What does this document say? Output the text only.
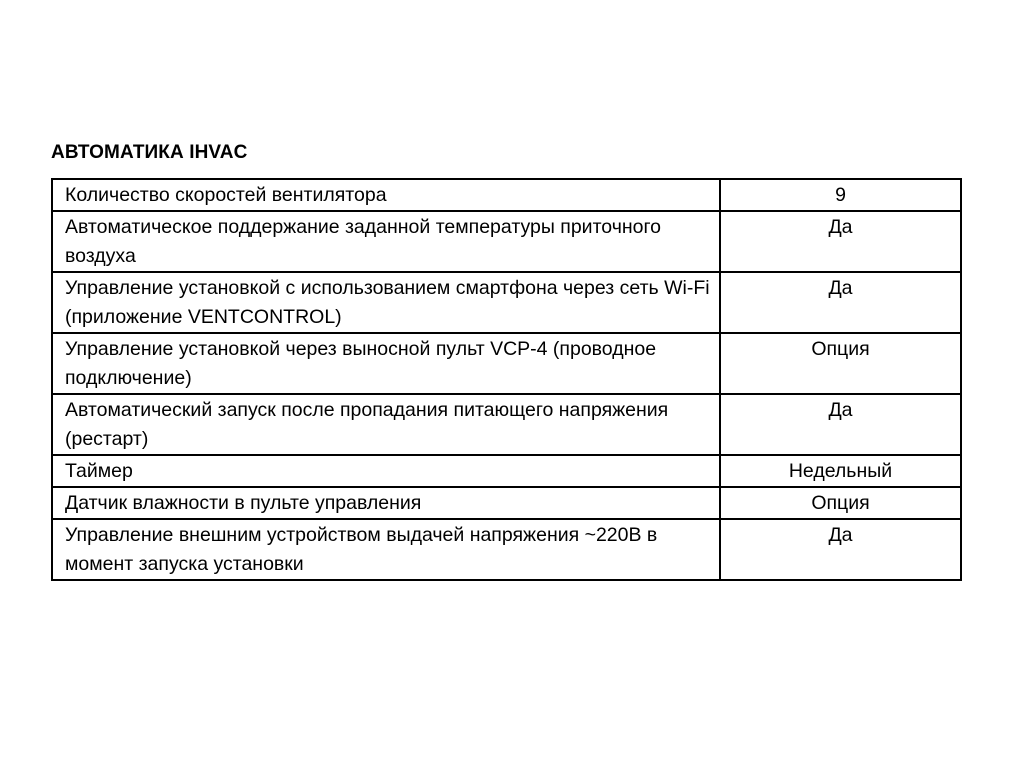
АВТОМАТИКА IHVAC
Количество скоростей вентилятора	9
Автоматическое поддержание заданной температуры приточного воздуха	Да
Управление установкой с использованием смартфона через сеть Wi-Fi (приложение VENTCONTROL)	Да
Управление установкой через выносной пульт VCP-4 (проводное подключение)	Опция
Автоматический запуск после пропадания питающего напряжения (рестарт)	Да
Таймер	Недельный
Датчик влажности в пульте управления	Опция
Управление внешним устройством выдачей напряжения ~220В в момент запуска установки	Да
